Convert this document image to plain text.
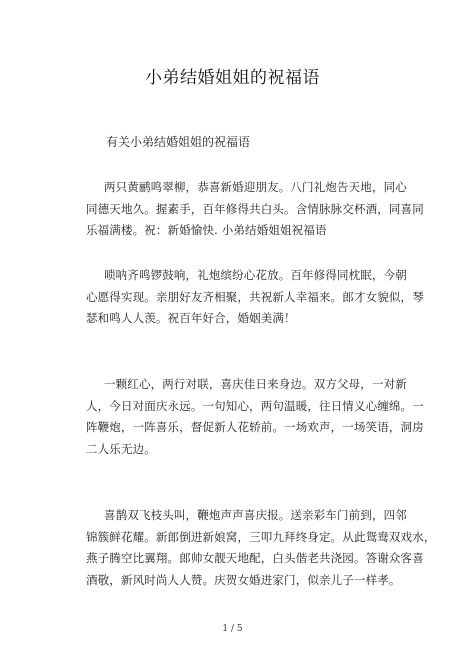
小弟结婚姐姐的祝福语
有关小弟结婚姐姐的祝福语
两只黄鹂鸣翠柳，恭喜新婚迎朋友。八门礼炮告天地，同心
同德天地久。握素手，百年修得共白头。含情脉脉交杯酒，同喜同
乐福满楼。祝：新婚愉快. 小弟结婚姐姐祝福语
唢呐齐鸣锣鼓响，礼炮缤纷心花放。百年修得同枕眠，今朝
心愿得实现。亲朋好友齐相聚，共祝新人幸福来。郎才女貌似，琴
瑟和鸣人人羡。祝百年好合，婚姻美满！
一颗红心，两行对联，喜庆佳日来身边。双方父母，一对新
人，今日对面庆永远。一句知心，两句温暖，往日情义心缠绵。一
阵鞭炮，一阵喜乐，督促新人花轿前。一场欢声，一场笑语，洞房
二人乐无边。
喜鹊双飞枝头叫，鞭炮声声喜庆报。送亲彩车门前到，四邻
锦簇鲜花耀。新郎倒进新娘窝，三叩九拜终身定。从此鸳鸯双戏水，
燕子腾空比翼翔。郎帅女靓天地配，白头偕老共浇园。答谢众客喜
酒敬，新风时尚人人赞。庆贺女婚进家门，似亲儿子一样孝。
1 / 5
